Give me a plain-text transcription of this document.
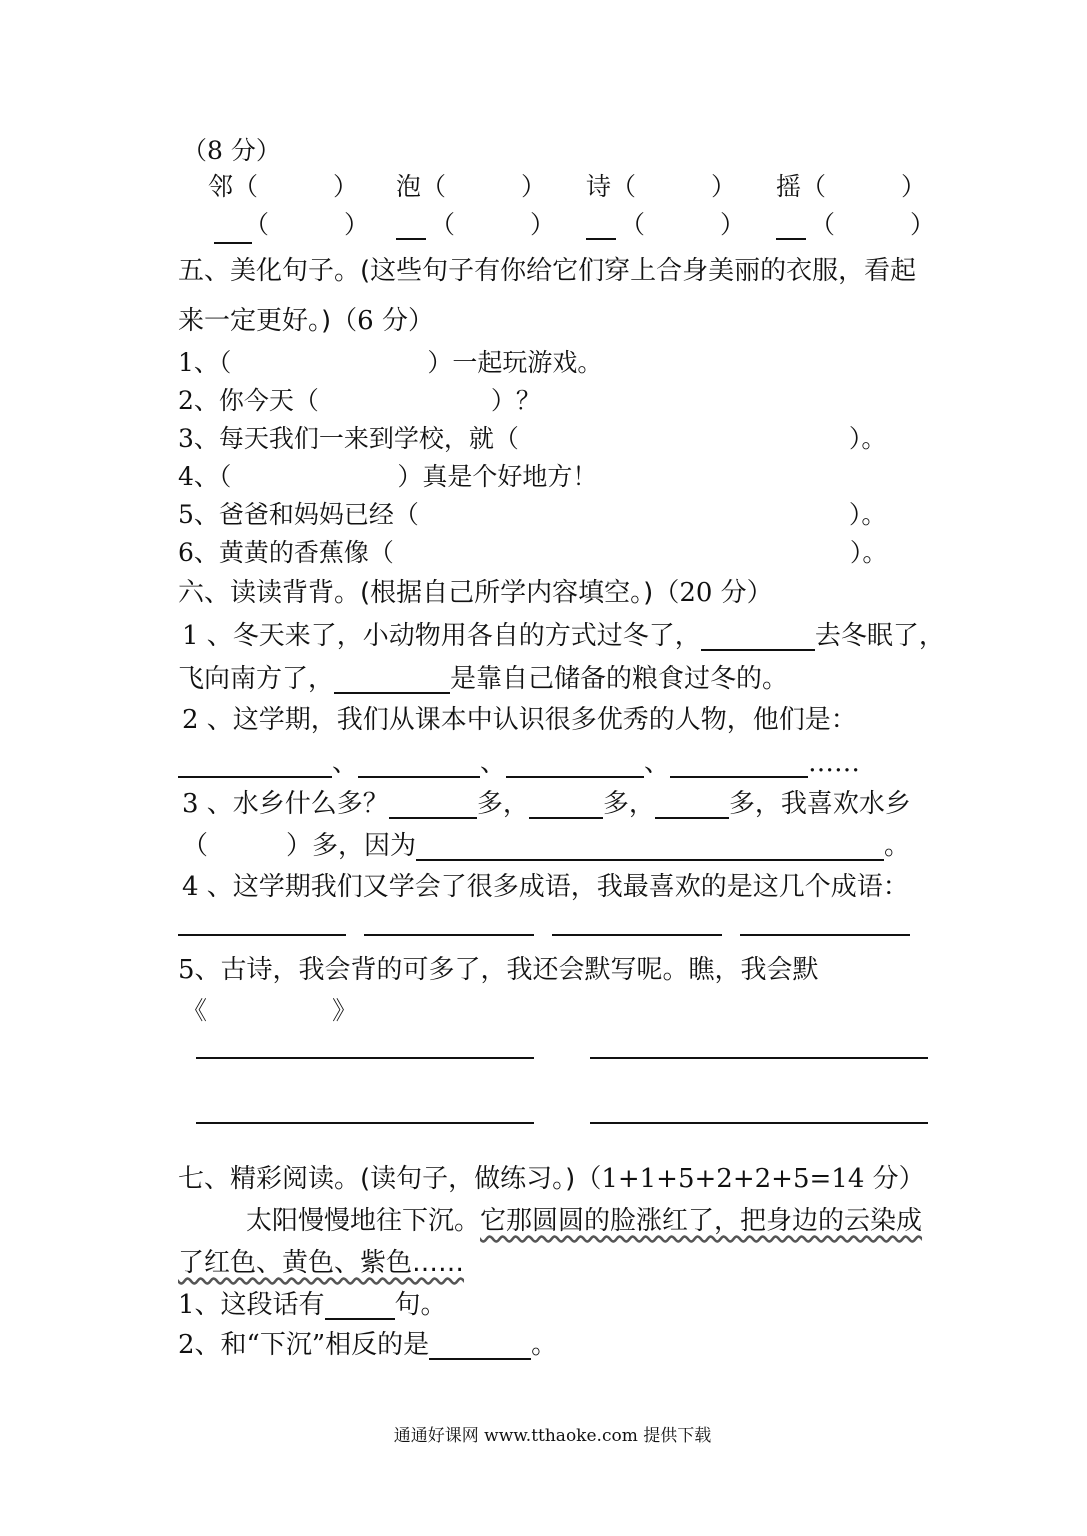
（8 分）
邻（　　　） 泡（　　　） 诗（　　　） 摇（　　　）
（　　　） （　　　）	（　　　）	（　　　）
五、美化句子。(这些句子有你给它们穿上合身美丽的衣服，看起
来一定更好。)（6 分）
1、（	）一起玩游戏。
2、你今天（	）？
3、每天我们一来到学校，就（	）。
4、（	）真是个好地方！
5、爸爸和妈妈已经（	）。
6、黄黄的香蕉像（	）。
六、读读背背。(根据自己所学内容填空。)（20 分）
1 、冬天来了，小动物用各自的方式过冬了，	去冬眠了，
飞向南方了，	是靠自己储备的粮食过冬的。
2 、这学期，我们从课本中认识很多优秀的人物，他们是：
、	、	、	……
3 、水乡什么多？	多，	多，	多，我喜欢水乡
（　　　）多，因为	。
4 、这学期我们又学会了很多成语，我最喜欢的是这几个成语：
5、古诗，我会背的可多了，我还会默写呢。瞧，我会默
《　　　　　》
七、精彩阅读。(读句子，做练习。)（1+1+5+2+2+5=14 分）
太阳慢慢地往下沉。它那圆圆的脸涨红了，把身边的云染成
了红色、黄色、紫色……
1、这段话有	句。
2、和“下沉”相反的是	。
通通好课网 www.tthaoke.com 提供下载
